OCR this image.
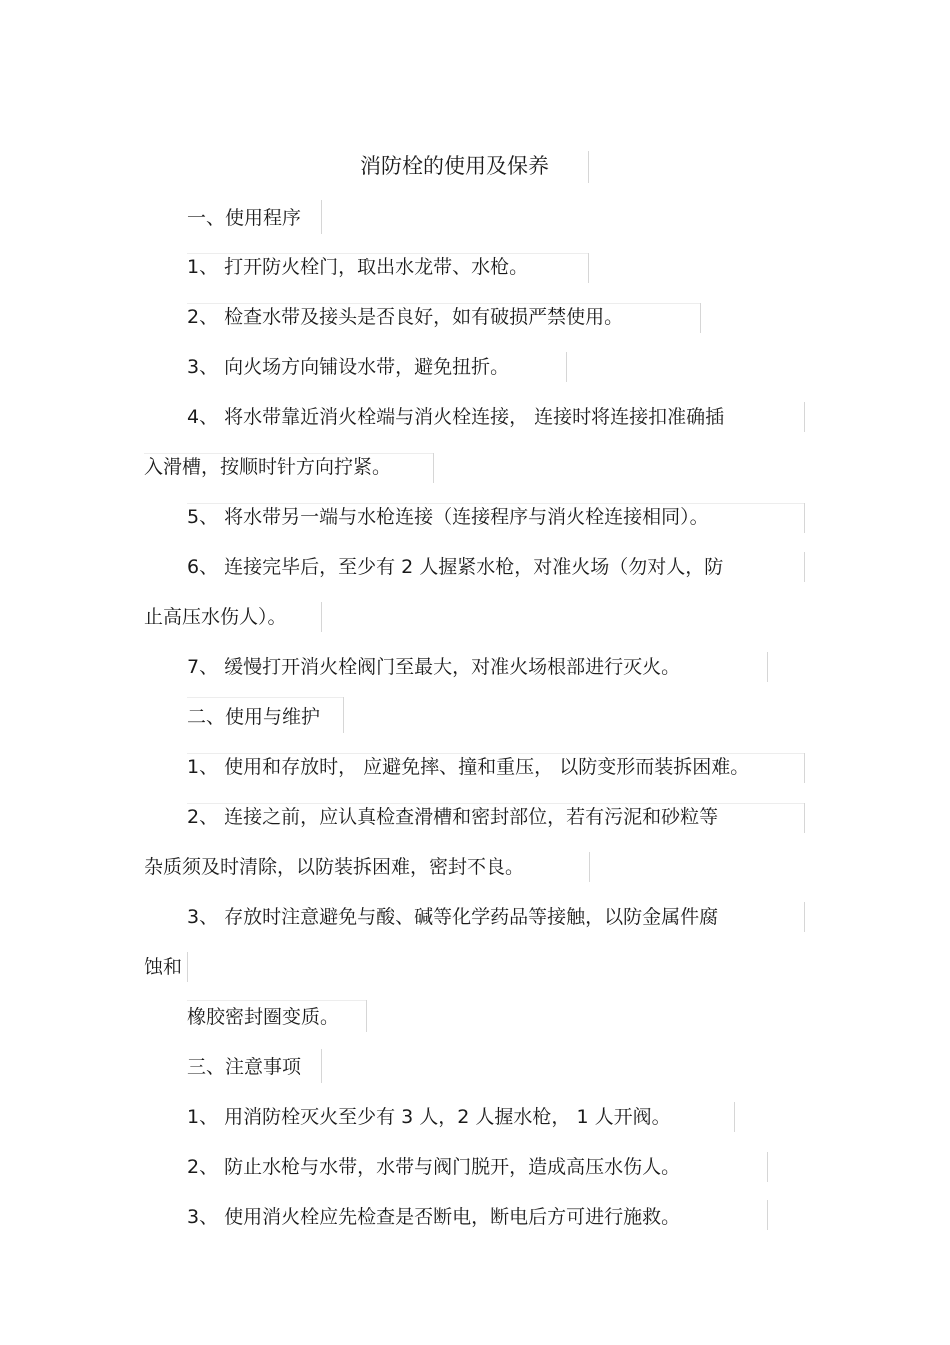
消防栓的使用及保养
一、使用程序
1、 打开防火栓门，取出水龙带、水枪。
2、 检查水带及接头是否良好，如有破损严禁使用。
3、 向火场方向铺设水带，避免扭折。
4、 将水带靠近消火栓端与消火栓连接， 连接时将连接扣准确插
入滑槽，按顺时针方向拧紧。
5、 将水带另一端与水枪连接（连接程序与消火栓连接相同）。
6、 连接完毕后，至少有 2 人握紧水枪，对准火场（勿对人，防
止高压水伤人）。
7、 缓慢打开消火栓阀门至最大，对准火场根部进行灭火。
二、使用与维护
1、 使用和存放时， 应避免摔、撞和重压， 以防变形而装拆困难。
2、 连接之前，应认真检查滑槽和密封部位，若有污泥和砂粒等
杂质须及时清除，以防装拆困难，密封不良。
3、 存放时注意避免与酸、碱等化学药品等接触，以防金属件腐
蚀和
橡胶密封圈变质。
三、注意事项
1、 用消防栓灭火至少有 3 人，2 人握水枪， 1 人开阀。
2、 防止水枪与水带，水带与阀门脱开，造成高压水伤人。
3、 使用消火栓应先检查是否断电，断电后方可进行施救。
